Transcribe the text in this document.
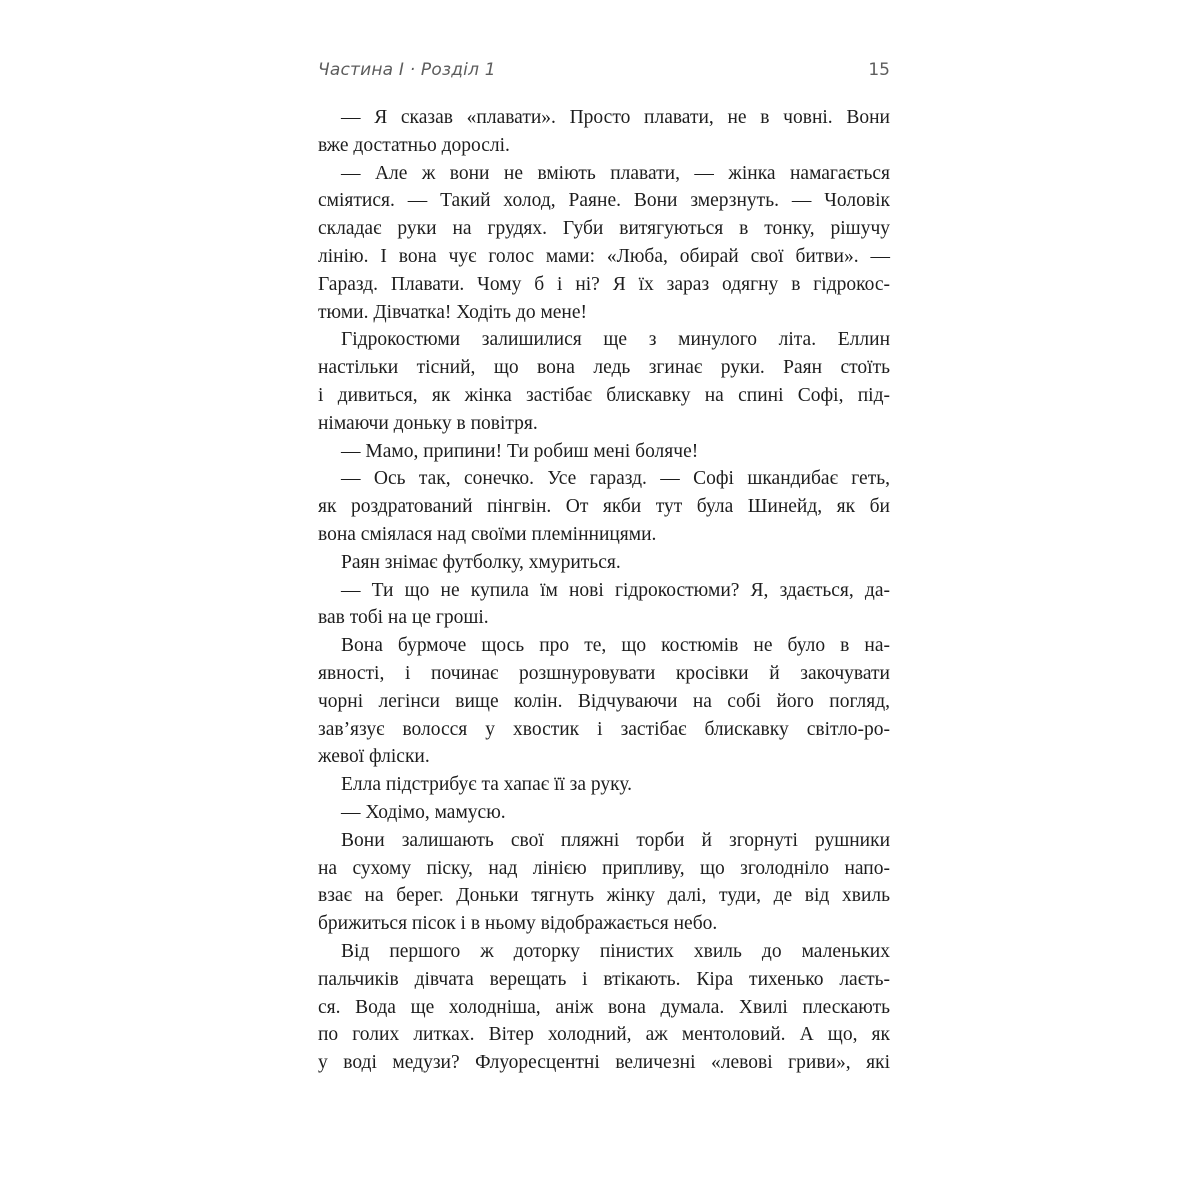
Частина І · Розділ 1	15
— Я сказав «плавати». Просто плавати, не в човні. Вони
вже достатньо дорослі.
— Але ж вони не вміють плавати, — жінка намагається
сміятися. — Такий холод, Раяне. Вони змерзнуть. — Чоловік
складає руки на грудях. Губи витягуються в тонку, рішучу
лінію. І вона чує голос мами: «Люба, обирай свої битви». —
Гаразд. Плавати. Чому б і ні? Я їх зараз одягну в гідрокос-
тюми. Дівчатка! Ходіть до мене!
Гідрокостюми залишилися ще з минулого літа. Еллин
настільки тісний, що вона ледь згинає руки. Раян стоїть
і дивиться, як жінка застібає блискавку на спині Софі, під-
німаючи доньку в повітря.
— Мамо, припини! Ти робиш мені боляче!
— Ось так, сонечко. Усе гаразд. — Софі шкандибає геть,
як роздратований пінгвін. От якби тут була Шинейд, як би
вона сміялася над своїми племінницями.
Раян знімає футболку, хмуриться.
— Ти що не купила їм нові гідрокостюми? Я, здається, да-
вав тобі на це гроші.
Вона бурмоче щось про те, що костюмів не було в на-
явності, і починає розшнуровувати кросівки й закочувати
чорні легінси вище колін. Відчуваючи на собі його погляд,
зав’язує волосся у хвостик і застібає блискавку світло-ро-
жевої фліски.
Елла підстрибує та хапає її за руку.
— Ходімо, мамусю.
Вони залишають свої пляжні торби й згорнуті рушники
на сухому піску, над лінією припливу, що зголодніло напо-
взає на берег. Доньки тягнуть жінку далі, туди, де від хвиль
брижиться пісок і в ньому відображається небо.
Від першого ж доторку пінистих хвиль до маленьких
пальчиків дівчата верещать і втікають. Кіра тихенько лаєть-
ся. Вода ще холодніша, аніж вона думала. Хвилі плескають
по голих литках. Вітер холодний, аж ментоловий. А що, як
у воді медузи? Флуоресцентні величезні «левові гриви», які
